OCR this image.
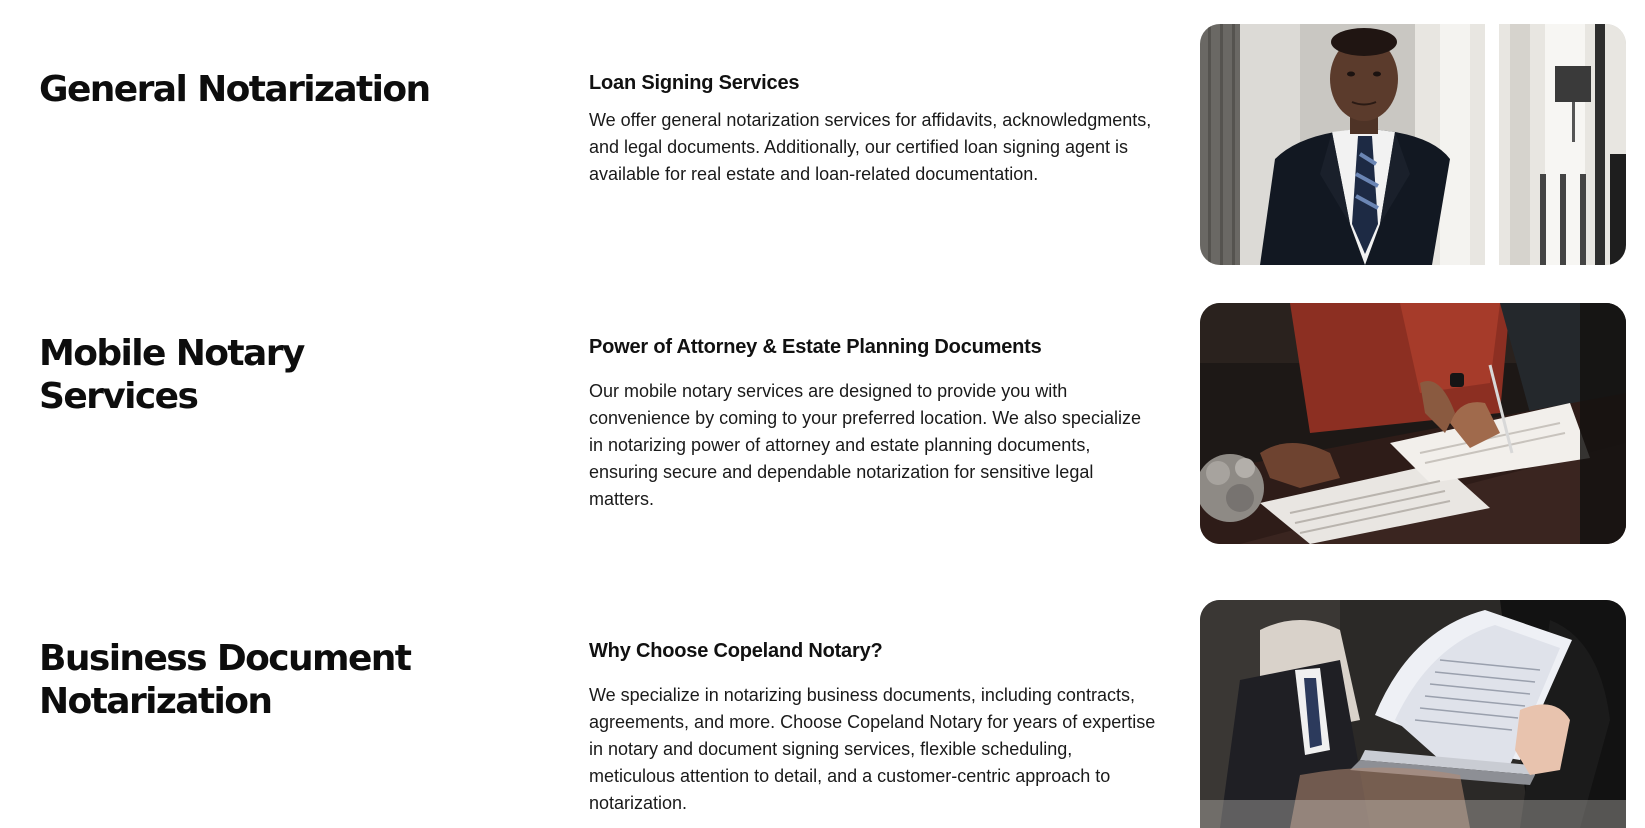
General Notarization	Loan Signing Services

We offer general notarization services for affidavits, acknowledgments, and legal documents. Additionally, our certified loan signing agent is available for real estate and loan-related documentation.

Mobile Notary Services
Power of Attorney & Estate Planning Documents

Our mobile notary services are designed to provide you with convenience by coming to your preferred location. We also specialize in notarizing power of attorney and estate planning documents, ensuring secure and dependable notarization for sensitive legal matters.

Business Document Notarization
Why Choose Copeland Notary?

We specialize in notarizing business documents, including contracts, agreements, and more. Choose Copeland Notary for years of expertise in notary and document signing services, flexible scheduling, meticulous attention to detail, and a customer-centric approach to notarization.
